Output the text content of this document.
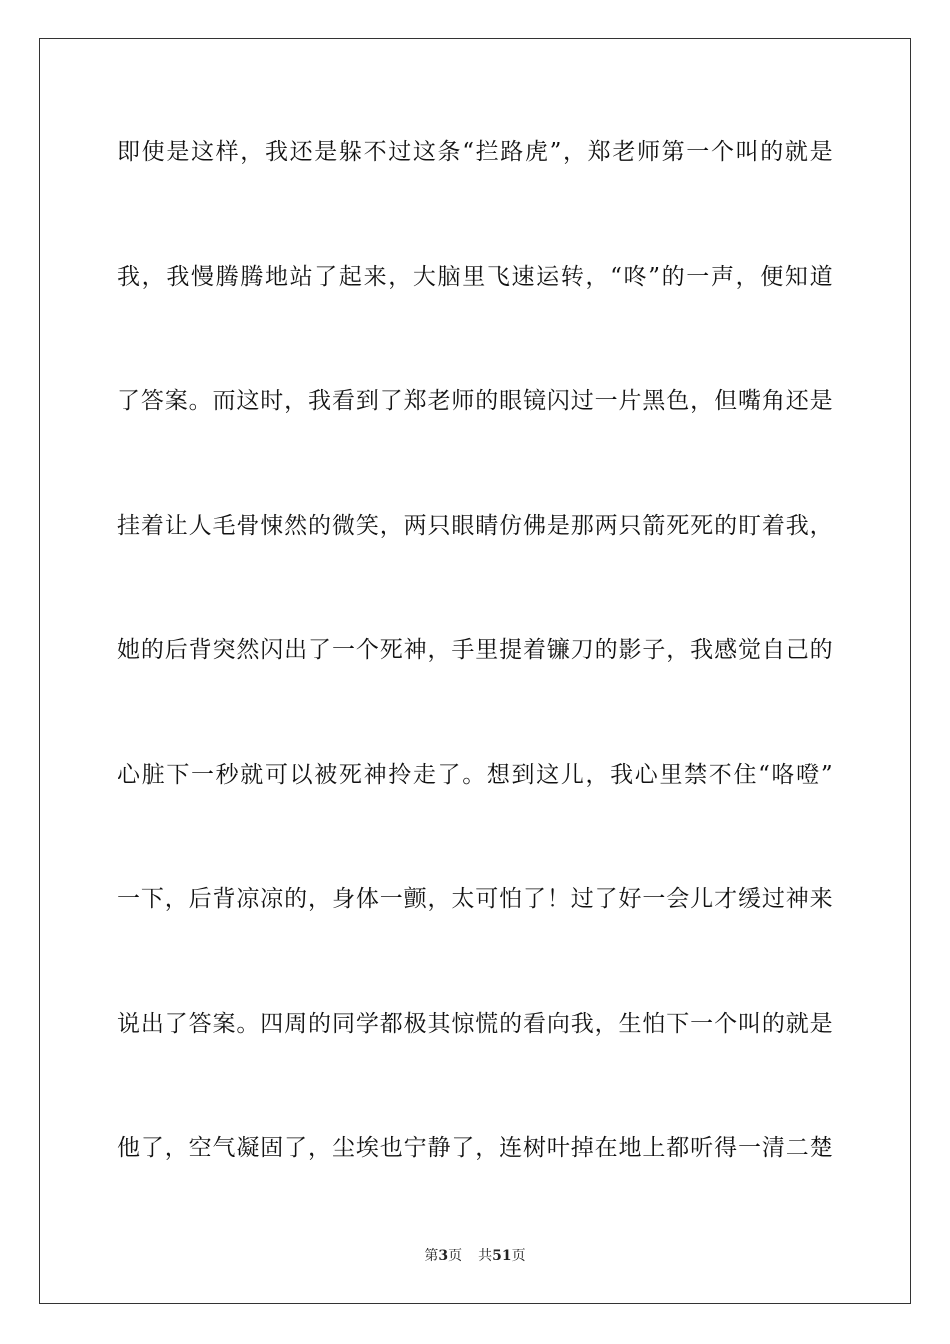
即使是这样，我还是躲不过这条“拦路虎”，郑老师第一个叫的就是
我，我慢腾腾地站了起来，大脑里飞速运转，“咚”的一声，便知道
了答案。而这时，我看到了郑老师的眼镜闪过一片黑色，但嘴角还是
挂着让人毛骨悚然的微笑，两只眼睛仿佛是那两只箭死死的盯着我，
她的后背突然闪出了一个死神，手里提着镰刀的影子，我感觉自己的
心脏下一秒就可以被死神拎走了。想到这儿，我心里禁不住“咯噔”
一下，后背凉凉的，身体一颤，太可怕了！过了好一会儿才缓过神来
说出了答案。四周的同学都极其惊慌的看向我，生怕下一个叫的就是
他了，空气凝固了，尘埃也宁静了，连树叶掉在地上都听得一清二楚
第3页 共51页
